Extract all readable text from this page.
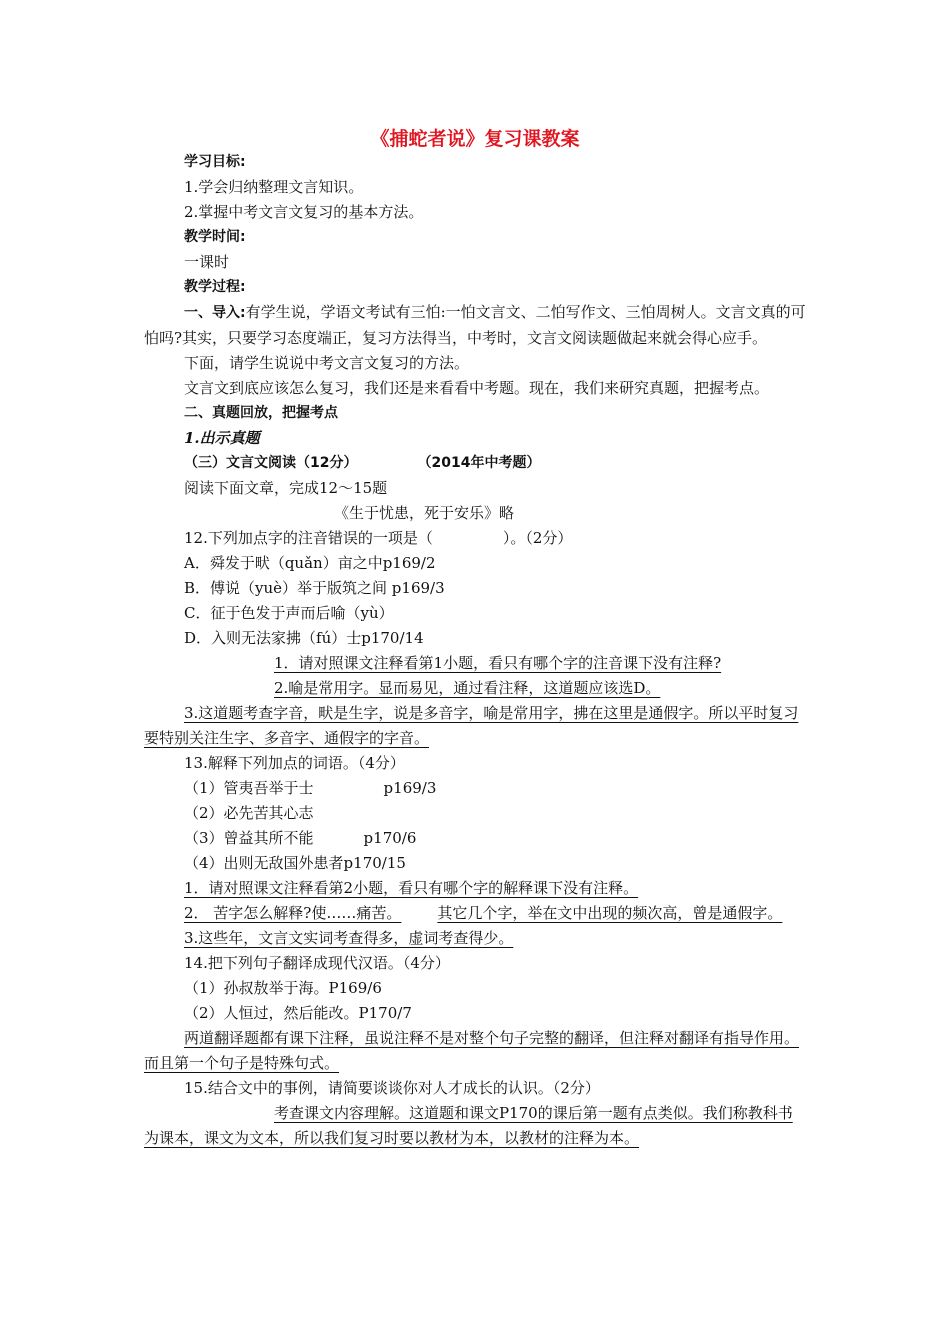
《捕蛇者说》复习课教案
学习目标:
1.学会归纳整理文言知识。
2.掌握中考文言文复习的基本方法。
教学时间:
一课时
教学过程:
一、导入:有学生说，学语文考试有三怕:一怕文言文、二怕写作文、三怕周树人。文言文真的可怕吗?其实，只要学习态度端正，复习方法得当，中考时，文言文阅读题做起来就会得心应手。
下面，请学生说说中考文言文复习的方法。
文言文到底应该怎么复习，我们还是来看看中考题。现在，我们来研究真题，把握考点。
二、真题回放，把握考点
1.出示真题
（三）文言文阅读（12分）	（2014年中考题）
阅读下面文章，完成12～15题
《生于忧患，死于安乐》略
12.下列加点字的注音错误的一项是（	）。（2分）
A．舜发于畎（quǎn）亩之中p169/2
B．傅说（yuè）举于版筑之间 p169/3
C．征于色发于声而后喻（yù）
D．入则无法家拂（fú）士p170/14
1．请对照课文注释看第1小题，看只有哪个字的注音课下没有注释?
2.喻是常用字。显而易见，通过看注释，这道题应该选D。
3.这道题考查字音，畎是生字，说是多音字，喻是常用字，拂在这里是通假字。所以平时复习要特别关注生字、多音字、通假字的字音。
13.解释下列加点的词语。（4分）
（1）管夷吾举于士	p169/3
（2）必先苦其心志
（3）曾益其所不能	p170/6
（4）出则无敌国外患者p170/15
1．请对照课文注释看第2小题，看只有哪个字的解释课下没有注释。
2． 苦字怎么解释?使……痛苦。 其它几个字，举在文中出现的频次高，曾是通假字。
3.这些年，文言文实词考查得多，虚词考查得少。
14.把下列句子翻译成现代汉语。（4分）
（1）孙叔敖举于海。P169/6
（2）人恒过，然后能改。P170/7
两道翻译题都有课下注释，虽说注释不是对整个句子完整的翻译，但注释对翻译有指导作用。而且第一个句子是特殊句式。
15.结合文中的事例，请简要谈谈你对人才成长的认识。（2分）
考查课文内容理解。这道题和课文P170的课后第一题有点类似。我们称教科书为课本，课文为文本，所以我们复习时要以教材为本，以教材的注释为本。
